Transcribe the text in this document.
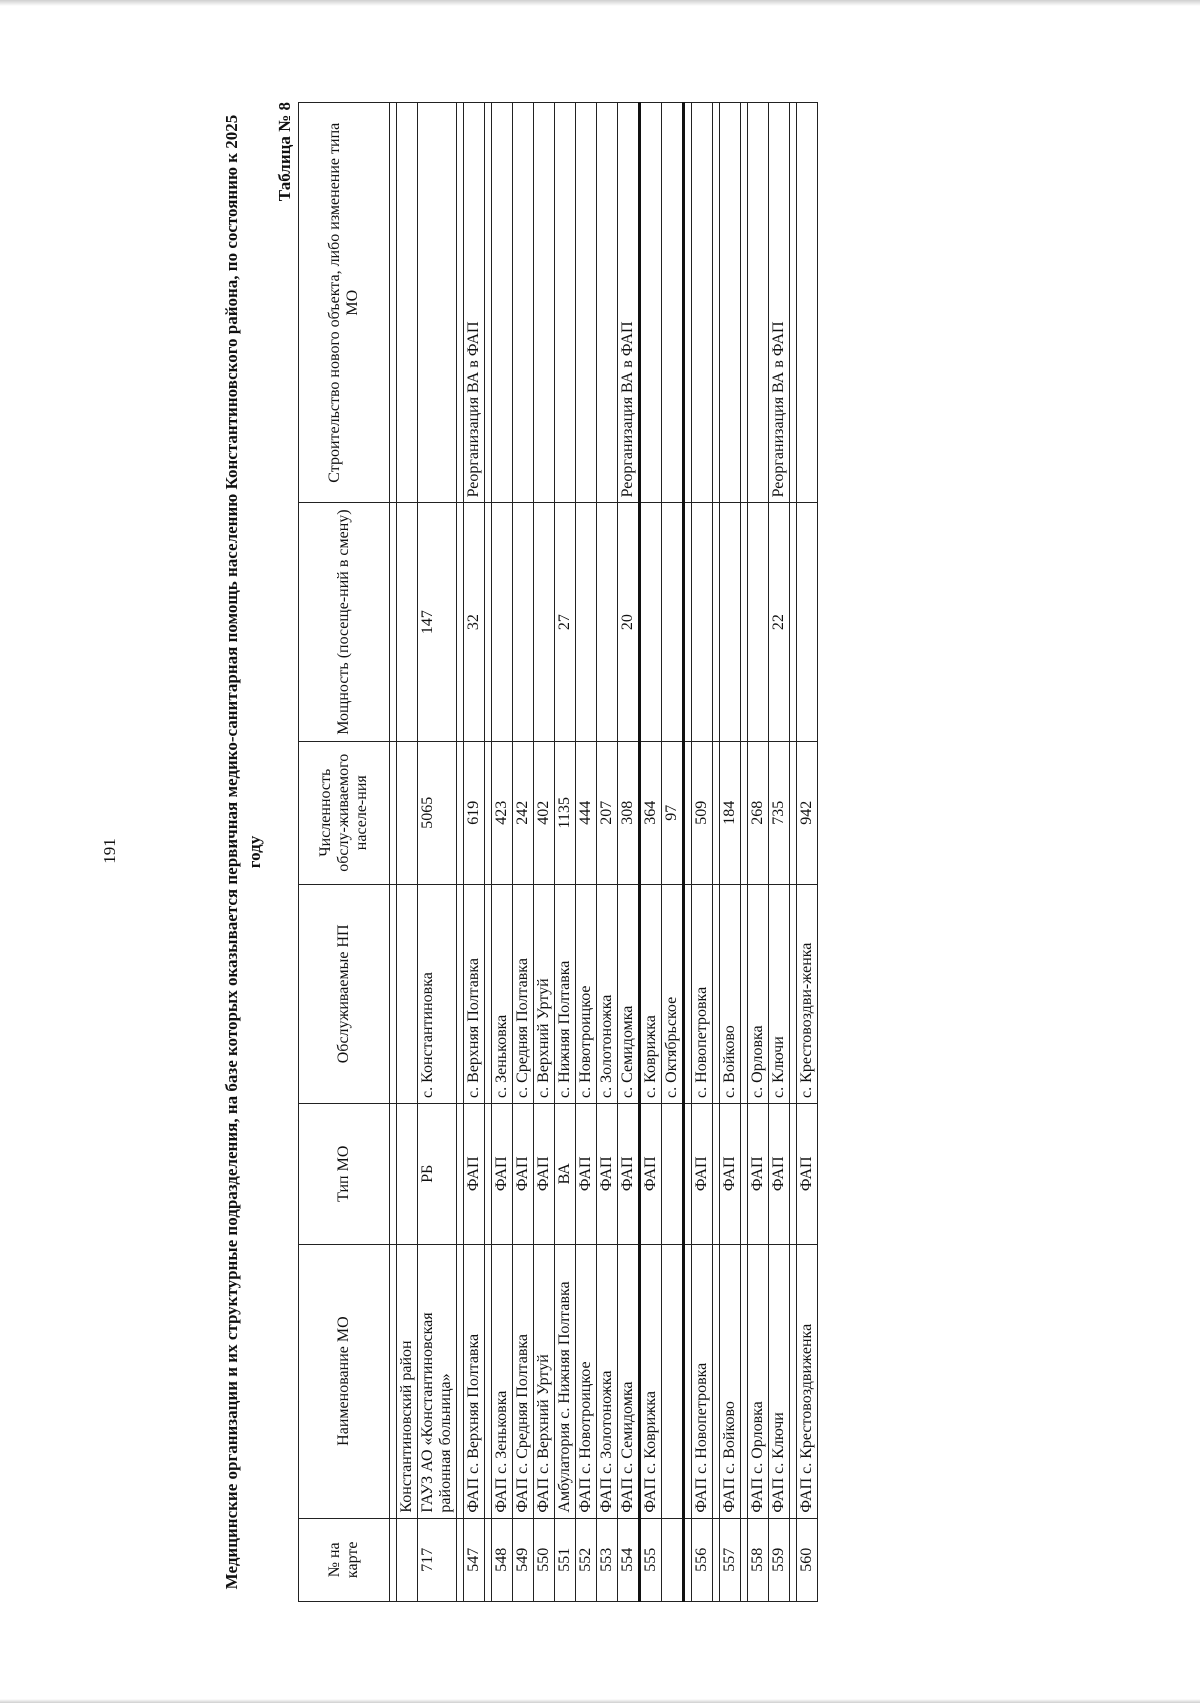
191	Медицинские организации и их структурные подразделения, на базе которых оказывается первичная медико-санитарная помощь населению Константиновского района, по состоянию к 2025 году
Таблица № 8
№ на карте	Наименование МО	Тип МО	Обслуживаемые НП	Численность обслу-живаемого населе-ния	Мощность (посеще-ний в смену)	Строительство нового объекта, либо изменение типа МО

	Константиновский район					
717	ГАУЗ АО «Константиновская районная больница»	РБ	с. Константиновка	5065	147	

547	ФАП с. Верхняя Полтавка	ФАП	с. Верхняя Полтавка	619	32	Реорганизация ВА в ФАП

548	ФАП с. Зеньковка	ФАП	с. Зеньковка	423		
549	ФАП с. Средняя Полтавка	ФАП	с. Средняя Полтавка	242		
550	ФАП с. Верхний Уртуй	ФАП	с. Верхний Уртуй	402		
551	Амбулатория с. Нижняя Полтавка	ВА	с. Нижняя Полтавка	1135	27	
552	ФАП с. Новотроицкое	ФАП	с. Новотроицкое	444		
553	ФАП с. Золотоножка	ФАП	с. Золотоножка	207		
554	ФАП с. Семидомка	ФАП	с. Семидомка	308	20	Реорганизация ВА в ФАП
555	ФАП с. Коврижка	ФАП	с. Коврижка	364		
			с. Октябрьское	97		

556	ФАП с. Новопетровка	ФАП	с. Новопетровка	509		

557	ФАП с. Войково	ФАП	с. Войково	184		

558	ФАП с. Орловка	ФАП	с. Орловка	268		
559	ФАП с. Ключи	ФАП	с. Ключи	735	22	Реорганизация ВА в ФАП

560	ФАП с. Крестовоздвиженка	ФАП	с. Крестовоздви-женка	942		
